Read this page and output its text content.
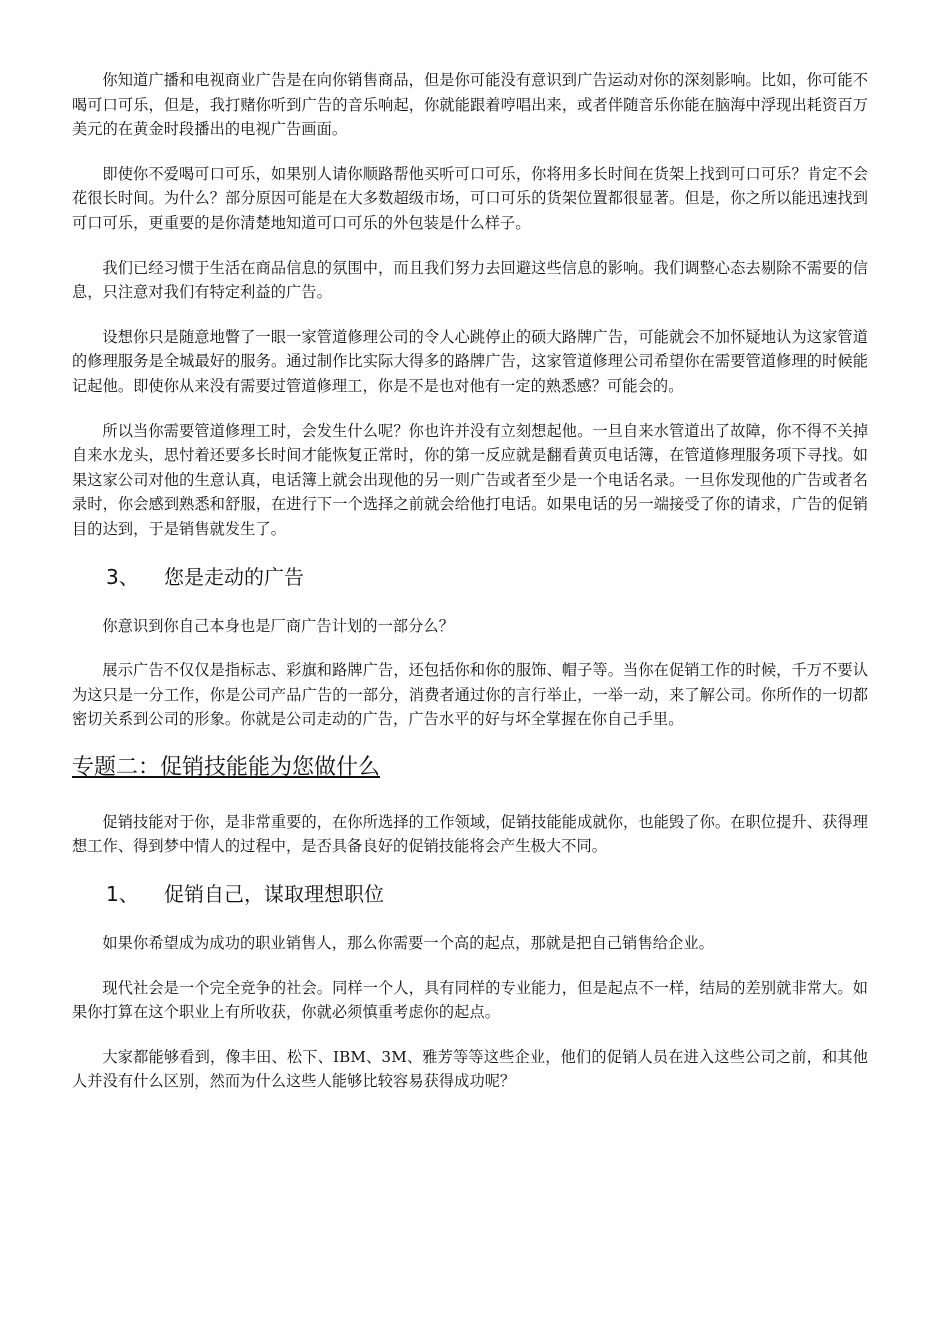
你知道广播和电视商业广告是在向你销售商品，但是你可能没有意识到广告运动对你的深刻影响。比如，你可能不喝可口可乐，但是，我打赌你听到广告的音乐响起，你就能跟着哼唱出来，或者伴随音乐你能在脑海中浮现出耗资百万美元的在黄金时段播出的电视广告画面。

即使你不爱喝可口可乐，如果别人请你顺路帮他买听可口可乐，你将用多长时间在货架上找到可口可乐？肯定不会花很长时间。为什么？部分原因可能是在大多数超级市场，可口可乐的货架位置都很显著。但是，你之所以能迅速找到可口可乐，更重要的是你清楚地知道可口可乐的外包装是什么样子。

我们已经习惯于生活在商品信息的氛围中，而且我们努力去回避这些信息的影响。我们调整心态去剔除不需要的信息，只注意对我们有特定利益的广告。

设想你只是随意地瞥了一眼一家管道修理公司的令人心跳停止的硕大路牌广告，可能就会不加怀疑地认为这家管道的修理服务是全城最好的服务。通过制作比实际大得多的路牌广告，这家管道修理公司希望你在需要管道修理的时候能记起他。即使你从来没有需要过管道修理工，你是不是也对他有一定的熟悉感？可能会的。

所以当你需要管道修理工时，会发生什么呢？你也许并没有立刻想起他。一旦自来水管道出了故障，你不得不关掉自来水龙头，思忖着还要多长时间才能恢复正常时，你的第一反应就是翻看黄页电话簿，在管道修理服务项下寻找。如果这家公司对他的生意认真，电话簿上就会出现他的另一则广告或者至少是一个电话名录。一旦你发现他的广告或者名录时，你会感到熟悉和舒服，在进行下一个选择之前就会给他打电话。如果电话的另一端接受了你的请求，广告的促销目的达到，于是销售就发生了。

3、 您是走动的广告

你意识到你自己本身也是厂商广告计划的一部分么？

展示广告不仅仅是指标志、彩旗和路牌广告，还包括你和你的服饰、帽子等。当你在促销工作的时候，千万不要认为这只是一分工作，你是公司产品广告的一部分，消费者通过你的言行举止，一举一动，来了解公司。你所作的一切都密切关系到公司的形象。你就是公司走动的广告，广告水平的好与坏全掌握在你自己手里。

专题二：促销技能能为您做什么

促销技能对于你，是非常重要的，在你所选择的工作领域，促销技能能成就你，也能毁了你。在职位提升、获得理想工作、得到梦中情人的过程中，是否具备良好的促销技能将会产生极大不同。

1、 促销自己，谋取理想职位

如果你希望成为成功的职业销售人，那么你需要一个高的起点，那就是把自己销售给企业。

现代社会是一个完全竞争的社会。同样一个人，具有同样的专业能力，但是起点不一样，结局的差别就非常大。如果你打算在这个职业上有所收获，你就必须慎重考虑你的起点。

大家都能够看到，像丰田、松下、IBM、3M、雅芳等等这些企业，他们的促销人员在进入这些公司之前，和其他人并没有什么区别，然而为什么这些人能够比较容易获得成功呢？
